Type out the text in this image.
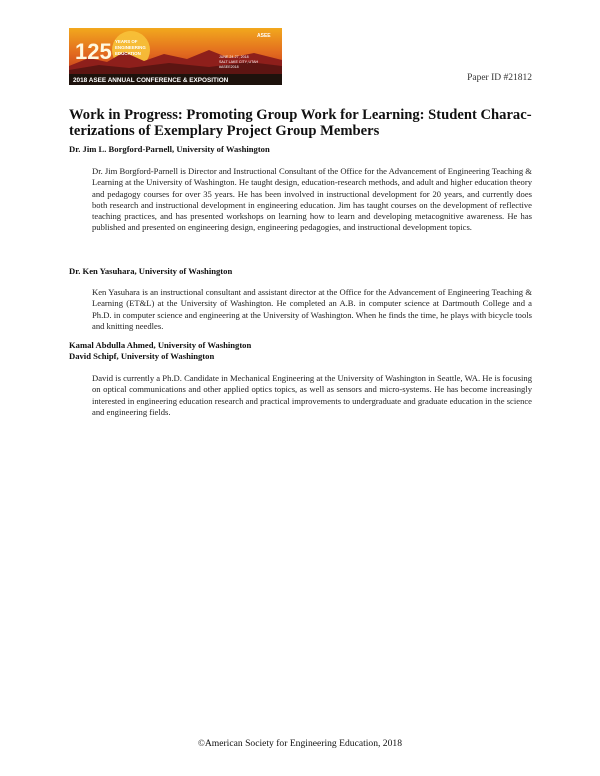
125 YEARS OF
ENGINEERING
EDUCATION
ASEE
JUNE 24-27, 2018
SALT LAKE CITY, UTAH
#ASEE2018
2018 ASEE ANNUAL CONFERENCE & EXPOSITION	Paper ID #21812
Work in Progress: Promoting Group Work for Learning: Student Charac-
terizations of Exemplary Project Group Members

Dr. Jim L. Borgford-Parnell, University of Washington

Dr. Jim Borgford-Parnell is Director and Instructional Consultant of the Office for the Advancement of Engineering Teaching & Learning at the University of Washington. He taught design, education-research methods, and adult and higher education theory and pedagogy courses for over 35 years. He has been involved in instructional development for 20 years, and currently does both research and instructional development in engineering education. Jim has taught courses on the development of reflective teaching practices, and has presented workshops on learning how to learn and developing metacognitive awareness. He has published and presented on engineering design, engineering pedagogies, and instructional development topics.

Dr. Ken Yasuhara, University of Washington

Ken Yasuhara is an instructional consultant and assistant director at the Office for the Advancement of Engineering Teaching & Learning (ET&L) at the University of Washington. He completed an A.B. in computer science at Dartmouth College and a Ph.D. in computer science and engineering at the University of Washington. When he finds the time, he plays with bicycle tools and knitting needles.

Kamal Abdulla Ahmed, University of Washington

David Schipf, University of Washington

David is currently a Ph.D. Candidate in Mechanical Engineering at the University of Washington in Seattle, WA. He is focusing on optical communications and other applied optics topics, as well as sensors and micro-systems. He has become increasingly interested in engineering education research and practical improvements to undergraduate and graduate education in the science and engineering fields.

©American Society for Engineering Education, 2018
